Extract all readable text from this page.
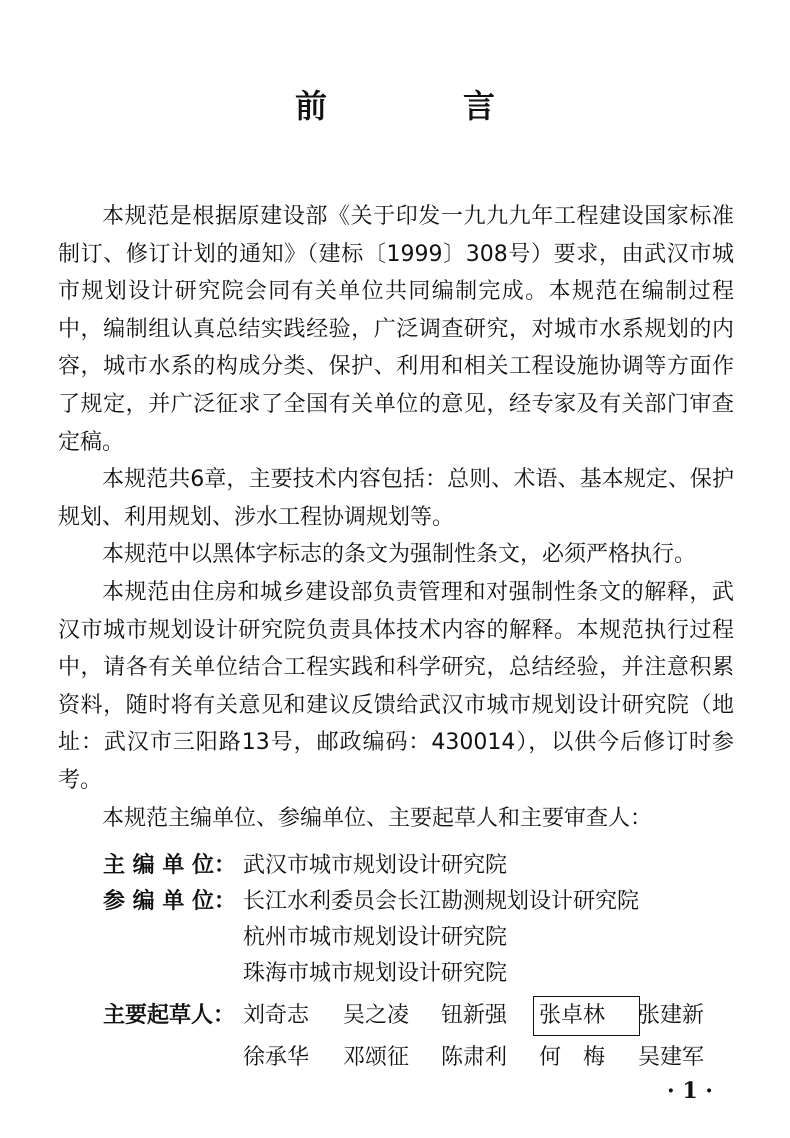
前　言

本规范是根据原建设部《关于印发一九九九年工程建设国家标准制订、修订计划的通知》（建标〔1999〕308号）要求，由武汉市城市规划设计研究院会同有关单位共同编制完成。本规范在编制过程中，编制组认真总结实践经验，广泛调查研究，对城市水系规划的内容，城市水系的构成分类、保护、利用和相关工程设施协调等方面作了规定，并广泛征求了全国有关单位的意见，经专家及有关部门审查定稿。

本规范共6章，主要技术内容包括：总则、术语、基本规定、保护规划、利用规划、涉水工程协调规划等。

本规范中以黑体字标志的条文为强制性条文，必须严格执行。

本规范由住房和城乡建设部负责管理和对强制性条文的解释，武汉市城市规划设计研究院负责具体技术内容的解释。本规范执行过程中，请各有关单位结合工程实践和科学研究，总结经验，并注意积累资料，随时将有关意见和建议反馈给武汉市城市规划设计研究院（地址：武汉市三阳路13号，邮政编码：430014），以供今后修订时参考。

本规范主编单位、参编单位、主要起草人和主要审查人：

主 编 单 位： 武汉市城市规划设计研究院
参 编 单 位： 长江水利委员会长江勘测规划设计研究院
杭州市城市规划设计研究院
珠海市城市规划设计研究院
主要起草人： 刘奇志	吴之凌	钮新强	张卓林	张建新
徐承华	邓颂征	陈肃利	何　梅	吴建军
· 1 ·
